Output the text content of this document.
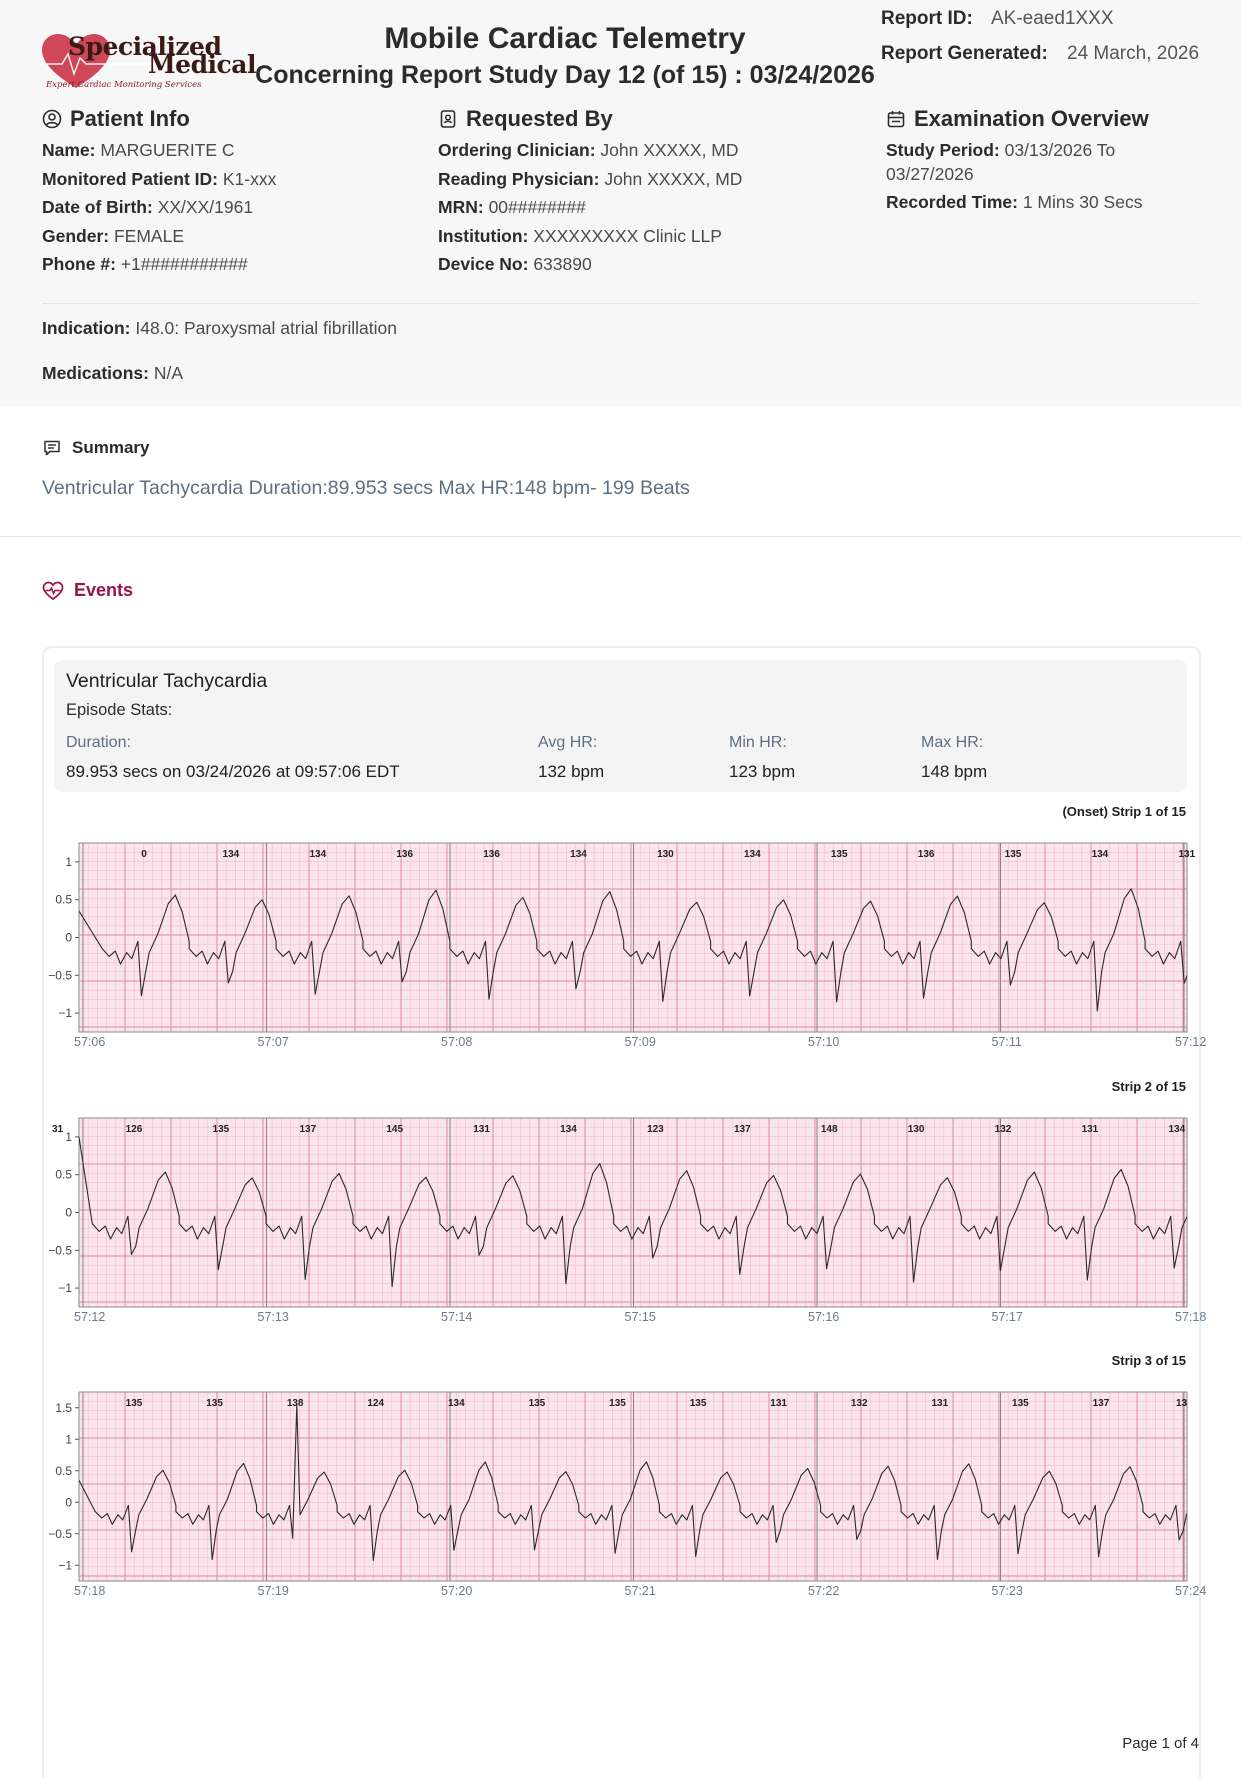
Specialized
Medical
Expert Cardiac Monitoring Services
Mobile Cardiac Telemetry
Concerning Report Study Day 12 (of 15) : 03/24/2026
Report ID: AK-eaed1XXX
Report Generated: 24 March, 2026
Patient Info
Name: MARGUERITE C
Monitored Patient ID: K1-xxx
Date of Birth: XX/XX/1961
Gender: FEMALE
Phone #: +1###########
Requested By
Ordering Clinician: John XXXXX, MD
Reading Physician: John XXXXX, MD
MRN: 00########
Institution: XXXXXXXXX Clinic LLP
Device No: 633890
Examination Overview
Study Period: 03/13/2026 To
03/27/2026
Recorded Time: 1 Mins 30 Secs
Indication: I48.0: Paroxysmal atrial fibrillation
Medications: N/A
Summary
Ventricular Tachycardia Duration:89.953 secs Max HR:148 bpm- 199 Beats
Events
Ventricular Tachycardia
Episode Stats:
Duration:
89.953 secs on 03/24/2026 at 09:57:06 EDT
Avg HR:
132 bpm
Min HR:
123 bpm
Max HR:
148 bpm
(Onset) Strip 1 of 15
1
0.5
0
−0.5
−1
57:06	57:07	57:08	57:09	57:10	57:11	57:12
0	134	134	136	136	134	130	134	135	136	135	134	131
Strip 2 of 15
1
0.5
0
−0.5
−1
57:12	57:13	57:14	57:15	57:16	57:17	57:18
31	126	135	137	145	131	134	123	137	148	130	132	131	134
Strip 3 of 15
1.5
1
0.5
0
−0.5
−1
57:18	57:19	57:20	57:21	57:22	57:23	57:24
135	135	138	124	134	135	135	135	131	132	131	135	137	13
Page 1 of 4
